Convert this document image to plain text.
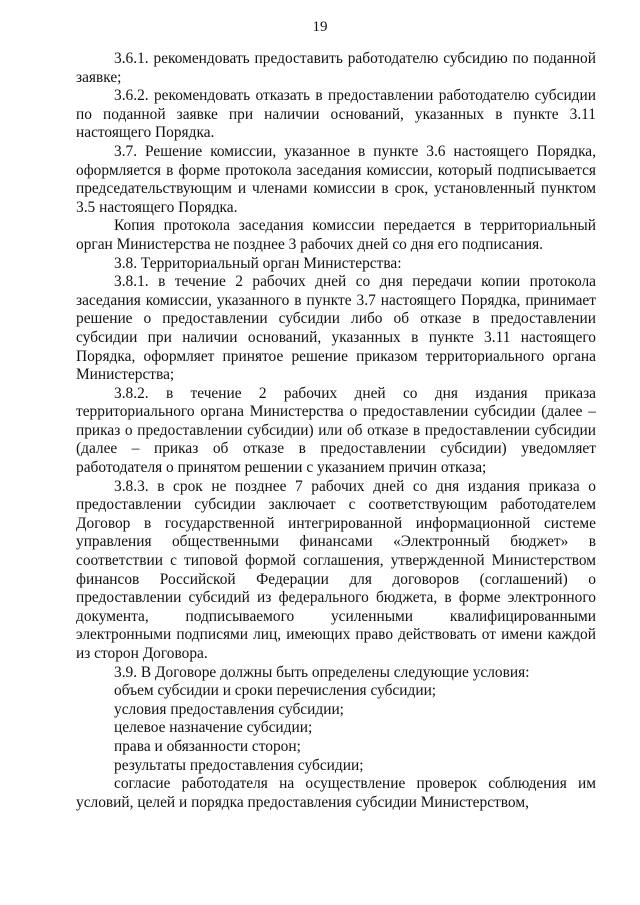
19

3.6.1. рекомендовать предоставить работодателю субсидию по поданной заявке;

3.6.2. рекомендовать отказать в предоставлении работодателю субсидии по поданной заявке при наличии оснований, указанных в пункте 3.11 настоящего Порядка.

3.7. Решение комиссии, указанное в пункте 3.6 настоящего Порядка, оформляется в форме протокола заседания комиссии, который подписывается председательствующим и членами комиссии в срок, установленный пунктом 3.5 настоящего Порядка.

Копия протокола заседания комиссии передается в территориальный орган Министерства не позднее 3 рабочих дней со дня его подписания.

3.8. Территориальный орган Министерства:

3.8.1. в течение 2 рабочих дней со дня передачи копии протокола заседания комиссии, указанного в пункте 3.7 настоящего Порядка, принимает решение о предоставлении субсидии либо об отказе в предоставлении субсидии при наличии оснований, указанных в пункте 3.11 настоящего Порядка, оформляет принятое решение приказом территориального органа Министерства;

3.8.2. в течение 2 рабочих дней со дня издания приказа территориального органа Министерства о предоставлении субсидии (далее – приказ о предоставлении субсидии) или об отказе в предоставлении субсидии (далее – приказ об отказе в предоставлении субсидии) уведомляет работодателя о принятом решении с указанием причин отказа;

3.8.3. в срок не позднее 7 рабочих дней со дня издания приказа о предоставлении субсидии заключает с соответствующим работодателем Договор в государственной интегрированной информационной системе управления общественными финансами «Электронный бюджет» в соответствии с типовой формой соглашения, утвержденной Министерством финансов Российской Федерации для договоров (соглашений) о предоставлении субсидий из федерального бюджета, в форме электронного документа, подписываемого усиленными квалифицированными электронными подписями лиц, имеющих право действовать от имени каждой из сторон Договора.

3.9. В Договоре должны быть определены следующие условия:

объем субсидии и сроки перечисления субсидии;

условия предоставления субсидии;

целевое назначение субсидии;

права и обязанности сторон;

результаты предоставления субсидии;

согласие работодателя на осуществление проверок соблюдения им условий, целей и порядка предоставления субсидии Министерством,
